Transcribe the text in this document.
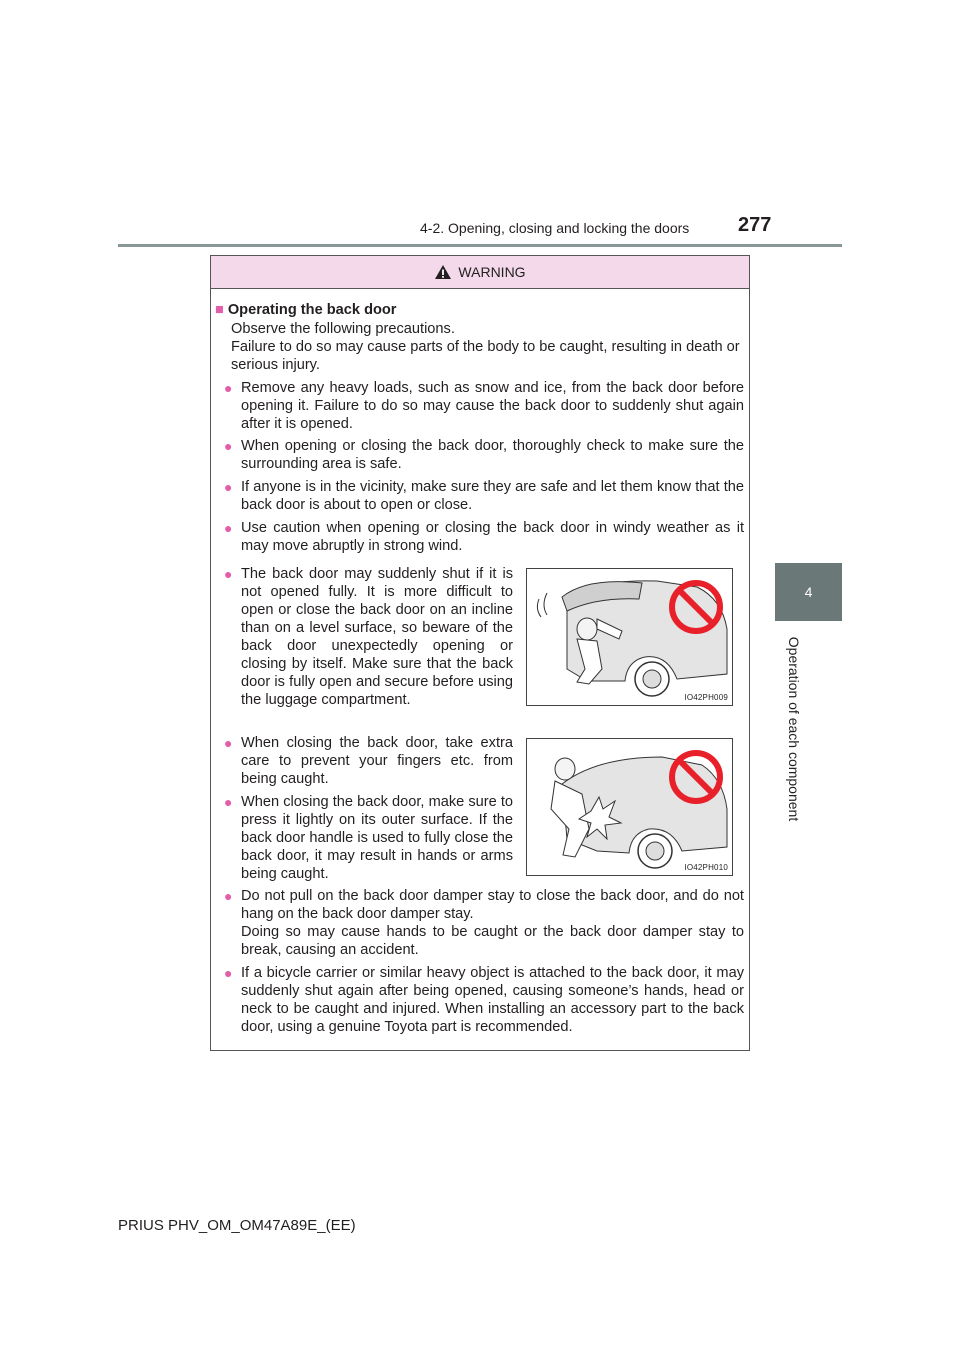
4-2. Opening, closing and locking the doors 277
4
Operation of each component
WARNING
■ Operating the back door
Observe the following precautions.
Failure to do so may cause parts of the body to be caught, resulting in death or serious injury.
● Remove any heavy loads, such as snow and ice, from the back door before opening it. Failure to do so may cause the back door to suddenly shut again after it is opened.
● When opening or closing the back door, thoroughly check to make sure the surrounding area is safe.
● If anyone is in the vicinity, make sure they are safe and let them know that the back door is about to open or close.
● Use caution when opening or closing the back door in windy weather as it may move abruptly in strong wind.
● The back door may suddenly shut if it is not opened fully. It is more difficult to open or close the back door on an incline than on a level surface, so beware of the back door unexpectedly opening or closing by itself. Make sure that the back door is fully open and secure before using the luggage compartment.	IO42PH009
● When closing the back door, take extra care to prevent your fingers etc. from being caught.
● When closing the back door, make sure to press it lightly on its outer surface. If the back door handle is used to fully close the back door, it may result in hands or arms being caught.	IO42PH010
● Do not pull on the back door damper stay to close the back door, and do not hang on the back door damper stay.
Doing so may cause hands to be caught or the back door damper stay to break, causing an accident.
● If a bicycle carrier or similar heavy object is attached to the back door, it may suddenly shut again after being opened, causing someone’s hands, head or neck to be caught and injured. When installing an accessory part to the back door, using a genuine Toyota part is recommended.
PRIUS PHV_OM_OM47A89E_(EE)
